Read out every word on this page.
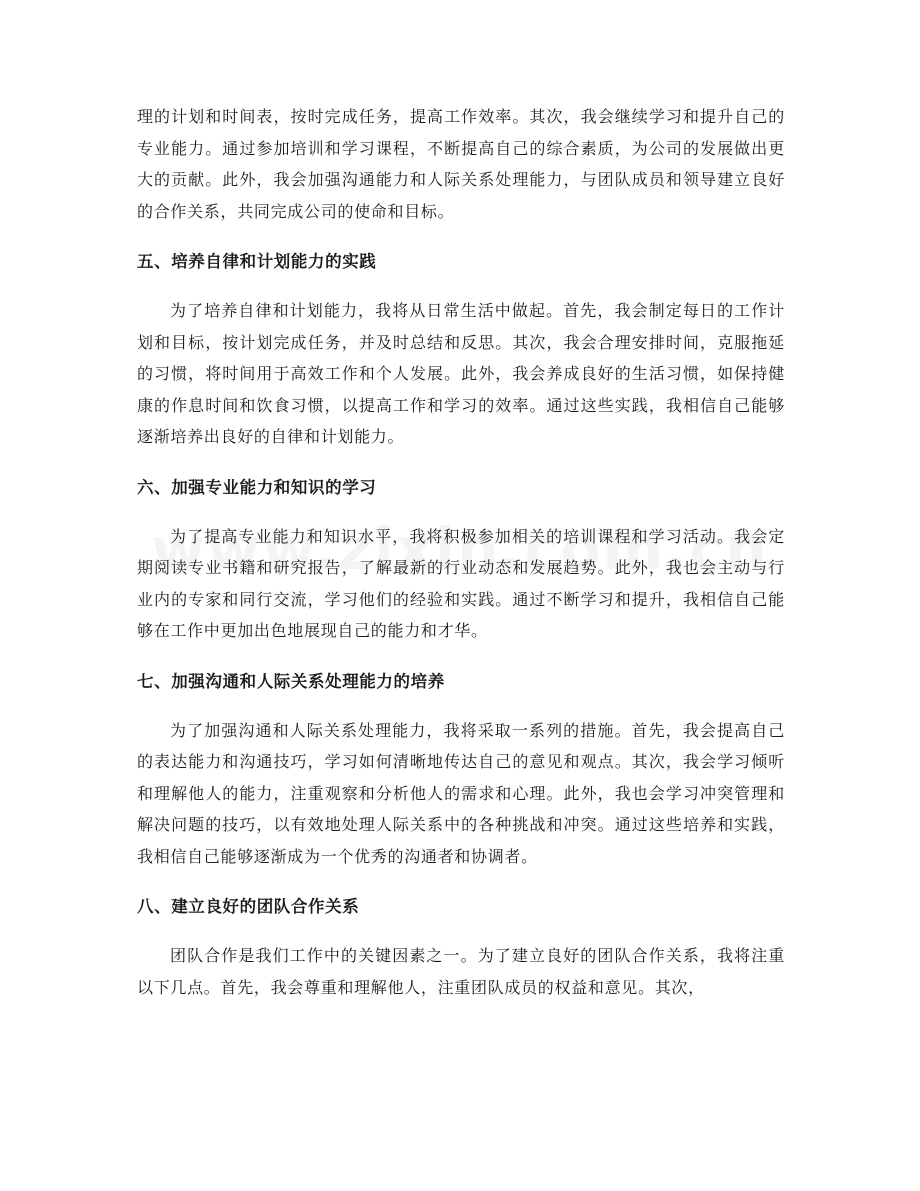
理的计划和时间表，按时完成任务，提高工作效率。其次，我会继续学习和提升自己的专业能力。通过参加培训和学习课程，不断提高自己的综合素质，为公司的发展做出更大的贡献。此外，我会加强沟通能力和人际关系处理能力，与团队成员和领导建立良好的合作关系，共同完成公司的使命和目标。

五、培养自律和计划能力的实践

为了培养自律和计划能力，我将从日常生活中做起。首先，我会制定每日的工作计划和目标，按计划完成任务，并及时总结和反思。其次，我会合理安排时间，克服拖延的习惯，将时间用于高效工作和个人发展。此外，我会养成良好的生活习惯，如保持健康的作息时间和饮食习惯，以提高工作和学习的效率。通过这些实践，我相信自己能够逐渐培养出良好的自律和计划能力。

六、加强专业能力和知识的学习

为了提高专业能力和知识水平，我将积极参加相关的培训课程和学习活动。我会定期阅读专业书籍和研究报告，了解最新的行业动态和发展趋势。此外，我也会主动与行业内的专家和同行交流，学习他们的经验和实践。通过不断学习和提升，我相信自己能够在工作中更加出色地展现自己的能力和才华。

七、加强沟通和人际关系处理能力的培养

为了加强沟通和人际关系处理能力，我将采取一系列的措施。首先，我会提高自己的表达能力和沟通技巧，学习如何清晰地传达自己的意见和观点。其次，我会学习倾听和理解他人的能力，注重观察和分析他人的需求和心理。此外，我也会学习冲突管理和解决问题的技巧，以有效地处理人际关系中的各种挑战和冲突。通过这些培养和实践，我相信自己能够逐渐成为一个优秀的沟通者和协调者。

八、建立良好的团队合作关系

团队合作是我们工作中的关键因素之一。为了建立良好的团队合作关系，我将注重以下几点。首先，我会尊重和理解他人，注重团队成员的权益和意见。其次，
